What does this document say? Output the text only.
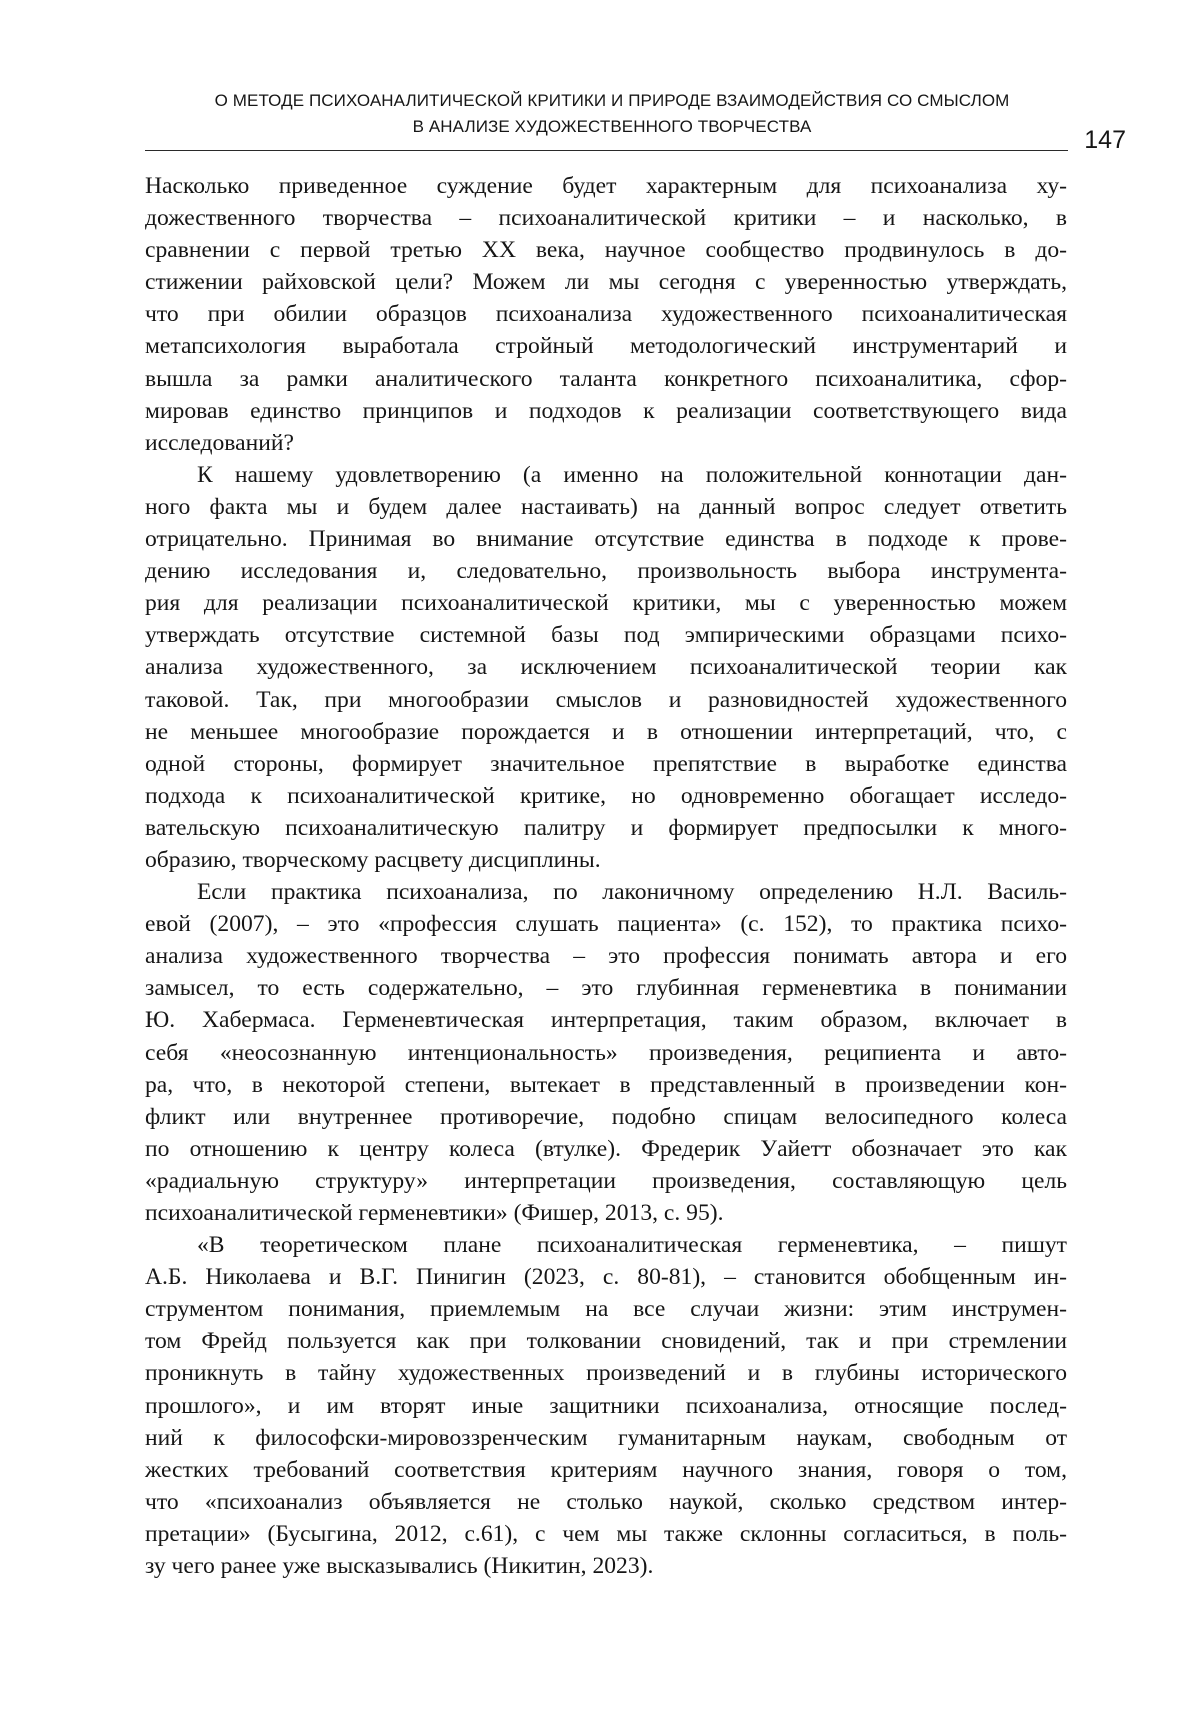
О МЕТОДЕ ПСИХОАНАЛИТИЧЕСКОЙ КРИТИКИ И ПРИРОДЕ ВЗАИМОДЕЙСТВИЯ СО СМЫСЛОМ
В АНАЛИЗЕ ХУДОЖЕСТВЕННОГО ТВОРЧЕСТВА	147
Насколько приведенное суждение будет характерным для психоанализа ху-
дожественного творчества – психоаналитической критики – и насколько, в
сравнении с первой третью XX века, научное сообщество продвинулось в до-
стижении райховской цели? Можем ли мы сегодня с уверенностью утверждать,
что при обилии образцов психоанализа художественного психоаналитическая
метапсихология выработала стройный методологический инструментарий и
вышла за рамки аналитического таланта конкретного психоаналитика, сфор-
мировав единство принципов и подходов к реализации соответствующего вида
исследований?
К нашему удовлетворению (а именно на положительной коннотации дан-
ного факта мы и будем далее настаивать) на данный вопрос следует ответить
отрицательно. Принимая во внимание отсутствие единства в подходе к прове-
дению исследования и, следовательно, произвольность выбора инструмента-
рия для реализации психоаналитической критики, мы с уверенностью можем
утверждать отсутствие системной базы под эмпирическими образцами психо-
анализа художественного, за исключением психоаналитической теории как
таковой. Так, при многообразии смыслов и разновидностей художественного
не меньшее многообразие порождается и в отношении интерпретаций, что, с
одной стороны, формирует значительное препятствие в выработке единства
подхода к психоаналитической критике, но одновременно обогащает исследо-
вательскую психоаналитическую палитру и формирует предпосылки к много-
образию, творческому расцвету дисциплины.
Если практика психоанализа, по лаконичному определению Н.Л. Василь-
евой (2007), – это «профессия слушать пациента» (с. 152), то практика психо-
анализа художественного творчества – это профессия понимать автора и его
замысел, то есть содержательно, – это глубинная герменевтика в понимании
Ю. Хабермаса. Герменевтическая интерпретация, таким образом, включает в
себя «неосознанную интенциональность» произведения, реципиента и авто-
ра, что, в некоторой степени, вытекает в представленный в произведении кон-
фликт или внутреннее противоречие, подобно спицам велосипедного колеса
по отношению к центру колеса (втулке). Фредерик Уайетт обозначает это как
«радиальную структуру» интерпретации произведения, составляющую цель
психоаналитической герменевтики» (Фишер, 2013, с. 95).
«В теоретическом плане психоаналитическая герменевтика, – пишут
А.Б. Николаева и В.Г. Пинигин (2023, с. 80-81), – становится обобщенным ин-
струментом понимания, приемлемым на все случаи жизни: этим инструмен-
том Фрейд пользуется как при толковании сновидений, так и при стремлении
проникнуть в тайну художественных произведений и в глубины исторического
прошлого», и им вторят иные защитники психоанализа, относящие послед-
ний к философски-мировоззренческим гуманитарным наукам, свободным от
жестких требований соответствия критериям научного знания, говоря о том,
что «психоанализ объявляется не столько наукой, сколько средством интер-
претации» (Бусыгина, 2012, с.61), с чем мы также склонны согласиться, в поль-
зу чего ранее уже высказывались (Никитин, 2023).
